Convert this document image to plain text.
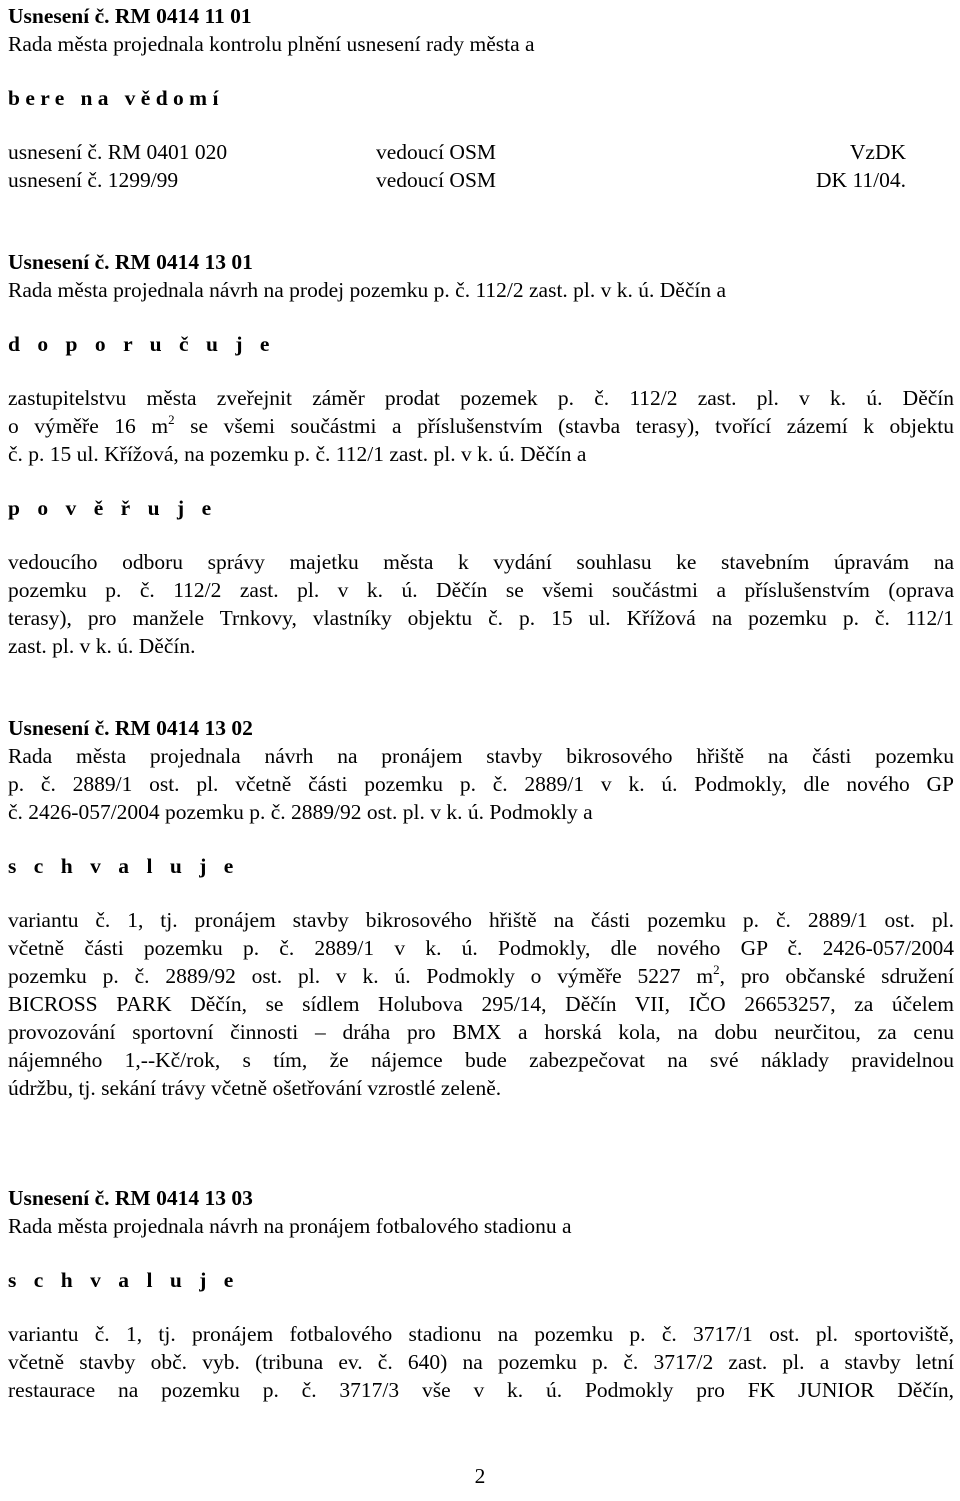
Usnesení č. RM 0414 11 01
Rada města projednala kontrolu plnění usnesení rady města a
b e r e   n a   v ě d o m í
usnesení č. RM 0401 020	vedoucí OSM	VzDK
usnesení č. 1299/99	vedoucí OSM	DK 11/04.
Usnesení č. RM 0414 13 01
Rada města projednala návrh na prodej pozemku p. č. 112/2 zast. pl. v k. ú. Děčín a
d o p o r u č u j e
zastupitelstvu města zveřejnit záměr prodat pozemek p. č. 112/2 zast. pl. v k. ú. Děčín
o výměře 16 $m^2$ se všemi součástmi a příslušenstvím (stavba terasy), tvořící zázemí k objektu
č. p. 15 ul. Křížová, na pozemku p. č. 112/1 zast. pl. v k. ú. Děčín a
p o v ě ř u j e
vedoucího odboru správy majetku města k vydání souhlasu ke stavebním úpravám na
pozemku p. č. 112/2 zast. pl. v k. ú. Děčín se všemi součástmi a příslušenstvím (oprava
terasy), pro manžele Trnkovy, vlastníky objektu č. p. 15 ul. Křížová na pozemku p. č. 112/1
zast. pl. v k. ú. Děčín.
Usnesení č. RM 0414 13 02
Rada města projednala návrh na pronájem stavby bikrosového hřiště na části pozemku
p. č. 2889/1 ost. pl. včetně části pozemku p. č. 2889/1 v k. ú. Podmokly, dle nového GP
č. 2426-057/2004 pozemku p. č. 2889/92 ost. pl. v k. ú. Podmokly a
s c h v a l u j e
variantu č. 1, tj. pronájem stavby bikrosového hřiště na části pozemku p. č. 2889/1 ost. pl.
včetně části pozemku p. č. 2889/1 v k. ú. Podmokly, dle nového GP č. 2426-057/2004
pozemku p. č. 2889/92 ost. pl. v k. ú. Podmokly o výměře 5227 $m^2$, pro občanské sdružení
BICROSS PARK Děčín, se sídlem Holubova 295/14, Děčín VII, IČO 26653257, za účelem
provozování sportovní činnosti – dráha pro BMX a horská kola, na dobu neurčitou, za cenu
nájemného 1,--Kč/rok, s tím, že nájemce bude zabezpečovat na své náklady pravidelnou
údržbu, tj. sekání trávy včetně ošetřování vzrostlé zeleně.
Usnesení č. RM 0414 13 03
Rada města projednala návrh na pronájem fotbalového stadionu a
s c h v a l u j e
variantu č. 1, tj. pronájem fotbalového stadionu na pozemku p. č. 3717/1 ost. pl. sportoviště,
včetně stavby obč. vyb. (tribuna ev. č. 640) na pozemku p. č. 3717/2 zast. pl. a stavby letní
restaurace na pozemku p. č. 3717/3 vše v k. ú. Podmokly pro FK JUNIOR Děčín,
2
